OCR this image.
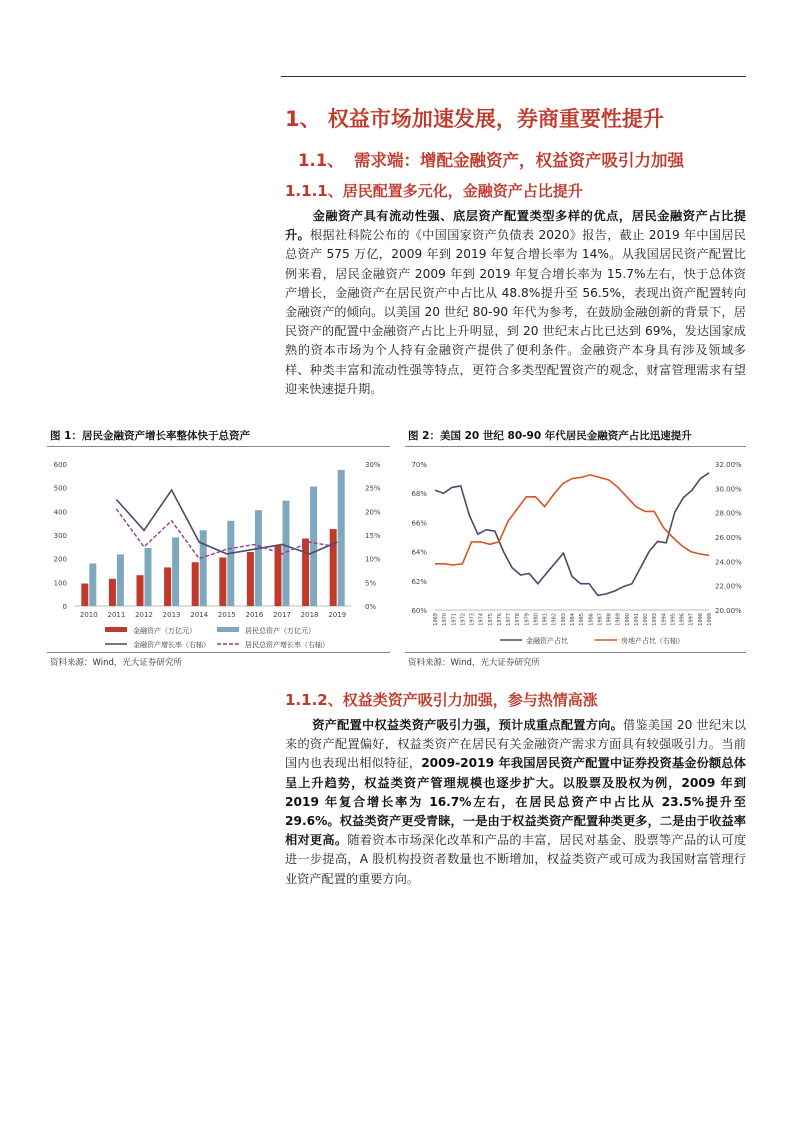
1、 权益市场加速发展，券商重要性提升
1.1、 需求端：增配金融资产，权益资产吸引力加强
1.1.1、居民配置多元化，金融资产占比提升
金融资产具有流动性强、底层资产配置类型多样的优点，居民金融资产占比提升。根据社科院公布的《中国国家资产负债表 2020》报告，截止 2019 年中国居民总资产 575 万亿，2009 年到 2019 年复合增长率为 14%。从我国居民资产配置比例来看，居民金融资产 2009 年到 2019 年复合增长率为 15.7%左右，快于总体资产增长，金融资产在居民资产中占比从 48.8%提升至 56.5%，表现出资产配置转向金融资产的倾向。以美国 20 世纪 80-90 年代为参考，在鼓励金融创新的背景下，居民资产的配置中金融资产占比上升明显，到 20 世纪末占比已达到 69%，发达国家成熟的资本市场为个人持有金融资产提供了便利条件。金融资产本身具有涉及领域多样、种类丰富和流动性强等特点，更符合多类型配置资产的观念，财富管理需求有望迎来快速提升期。
图 1：居民金融资产增长率整体快于总资产
0
100
200
300
400
500
600
0%
5%
10%
15%
20%
25%
30%
2010 2011 2012 2013 2014 2015 2016 2017 2018 2019
金融资产（万亿元）	居民总资产（万亿元）
金融资产增长率（右轴）	居民总资产增长率（右轴）
资料来源：Wind，光大证券研究所
图 2：美国 20 世纪 80-90 年代居民金融资产占比迅速提升
60%
62%
64%
66%
68%
70%
20.00%
22.00%
24.00%
26.00%
28.00%
30.00%
32.00%
1969 1970 1971 1972 1973 1974 1975 1976 1977 1978 1979 1980 1981 1982 1983 1984 1985 1986 1987 1988 1989 1990 1991 1992 1993 1994 1995 1996 1997 1998 1999
金融资产占比	房地产占比（右轴）
资料来源：Wind，光大证券研究所
1.1.2、权益类资产吸引力加强，参与热情高涨
资产配置中权益类资产吸引力强，预计成重点配置方向。借鉴美国 20 世纪末以来的资产配置偏好，权益类资产在居民有关金融资产需求方面具有较强吸引力。当前国内也表现出相似特征，2009-2019 年我国居民资产配置中证券投资基金份额总体呈上升趋势，权益类资产管理规模也逐步扩大。以股票及股权为例，2009 年到 2019 年复合增长率为 16.7%左右，在居民总资产中占比从 23.5%提升至 29.6%。权益类资产更受青睐，一是由于权益类资产配置种类更多，二是由于收益率相对更高。随着资本市场深化改革和产品的丰富，居民对基金、股票等产品的认可度进一步提高，A 股机构投资者数量也不断增加，权益类资产或可成为我国财富管理行业资产配置的重要方向。
